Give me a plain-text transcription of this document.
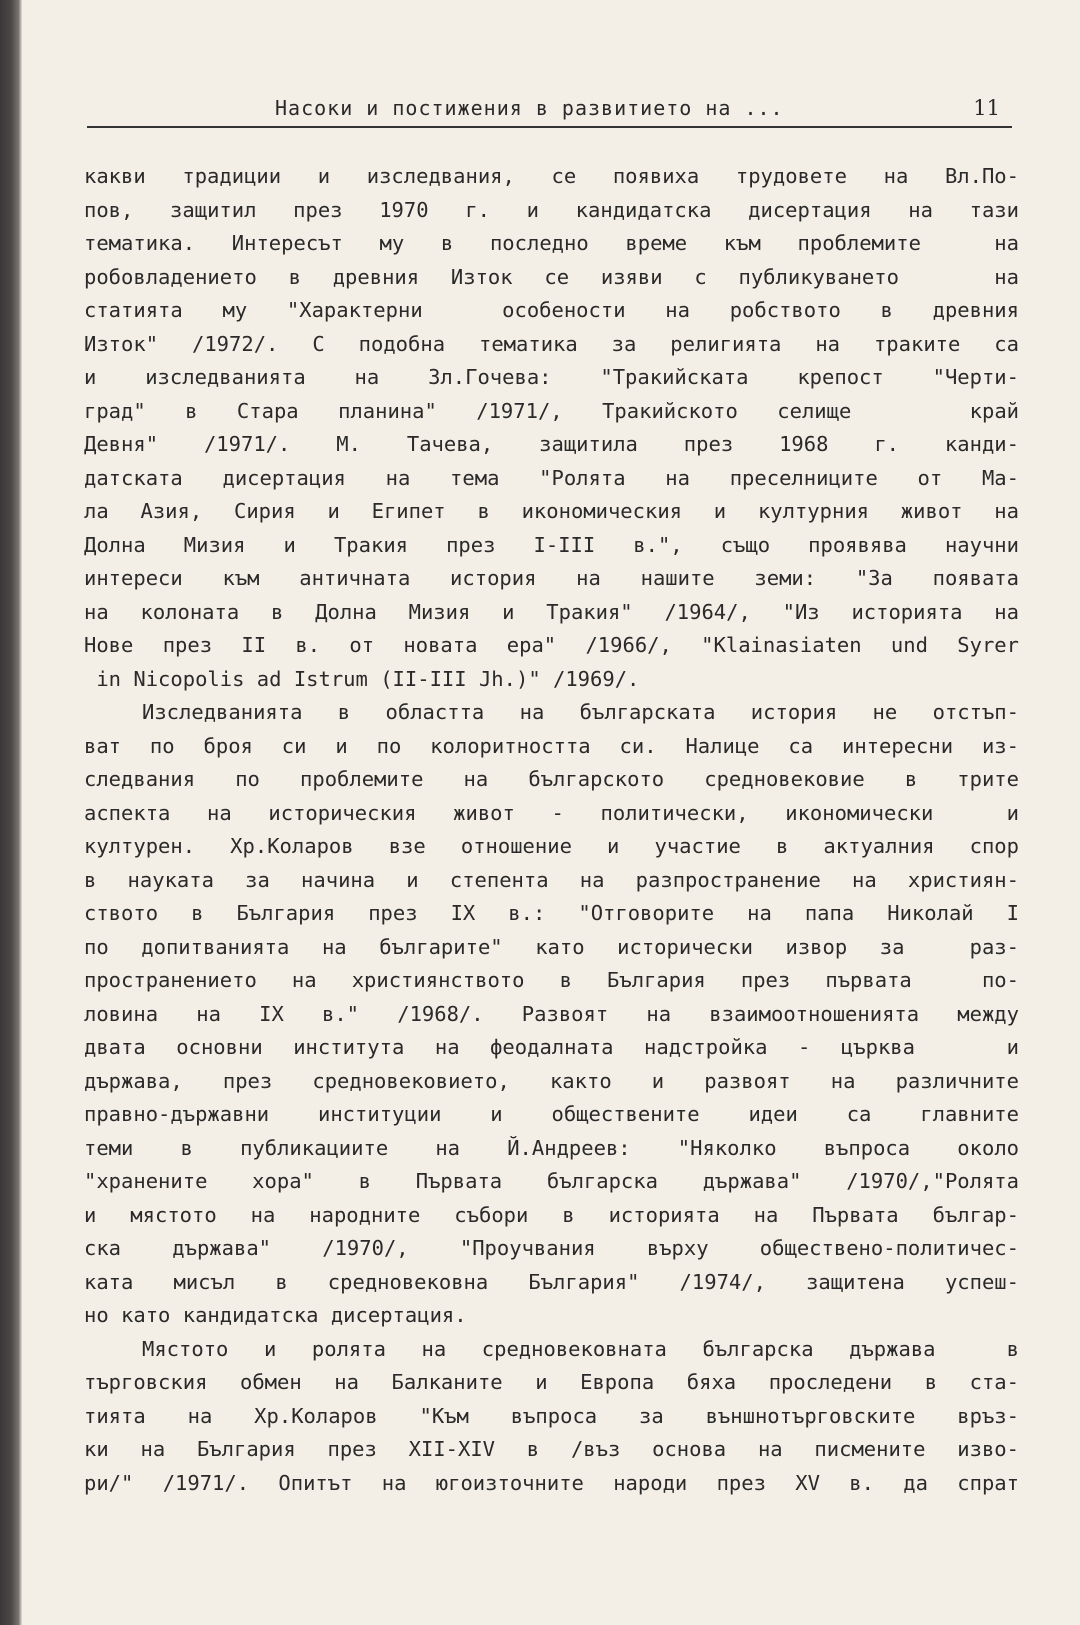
Насоки и постижения в развитието на ...	11
какви традиции и изследвания, се появиха трудовете на Вл.По-
пов, защитил през 1970 г. и кандидатска дисертация на тази
тематика. Интересът му в последно време към проблемите  на
робовладението в древния Изток се изяви с публикуването   на
статията му "Характерни  особености на робството в древния
Изток" /1972/. С подобна тематика за религията на траките са
и изследванията на Зл.Гочева: "Тракийската крепост "Черти-
град" в Стара планина" /1971/, Тракийското селище   край
Девня" /1971/. М. Тачева, защитила през 1968 г. канди-
датската дисертация на тема "Ролята на преселниците от Ма-
ла Азия, Сирия и Египет в икономическия и културния живот на
Долна Мизия и Тракия през I-III в.", също проявява научни
интереси към античната история на нашите земи: "За появата
на колоната в Долна Мизия и Тракия" /1964/, "Из историята на
Нове през II в. от новата ера" /1966/, "Klainasiaten und Syrer
in Nicopolis ad Istrum (II-III Jh.)" /1969/.
Изследванията в областта на българската история не отстъп-
ват по броя си и по колоритността си. Налице са интересни из-
следвания по проблемите на българското средновековие в трите
аспекта на историческия живот - политически, икономически  и
културен. Хр.Коларов взе отношение и участие в актуалния спор
в науката за начина и степента на разпространение на християн-
ството в България през IX в.: "Отговорите на папа Николай I
по допитванията на българите" като исторически извор за  раз-
пространението на християнството в България през първата  по-
ловина на IX в." /1968/. Развоят на взаимоотношенията между
двата основни института на феодалната надстройка - църква   и
държава, през средновековието, както и развоят на различните
правно-държавни институции и обществените идеи са главните
теми в публикациите на Й.Андреев: "Няколко въпроса около
"хранените хора" в Първата българска държава" /1970/,"Ролята
и мястото на народните събори в историята на Първата българ-
ска държава" /1970/, "Проучвания върху обществено-политичес-
ката мисъл в средновековна България" /1974/, защитена успеш-
но като кандидатска дисертация.
Мястото и ролята на средновековната българска държава  в
търговския обмен на Балканите и Европа бяха проследени в ста-
тията на Хр.Коларов "Към въпроса за външнотърговските връз-
ки на България през XII-XIV в /въз основа на писмените изво-
ри/" /1971/. Опитът на югоизточните народи през XV в. да спрат
